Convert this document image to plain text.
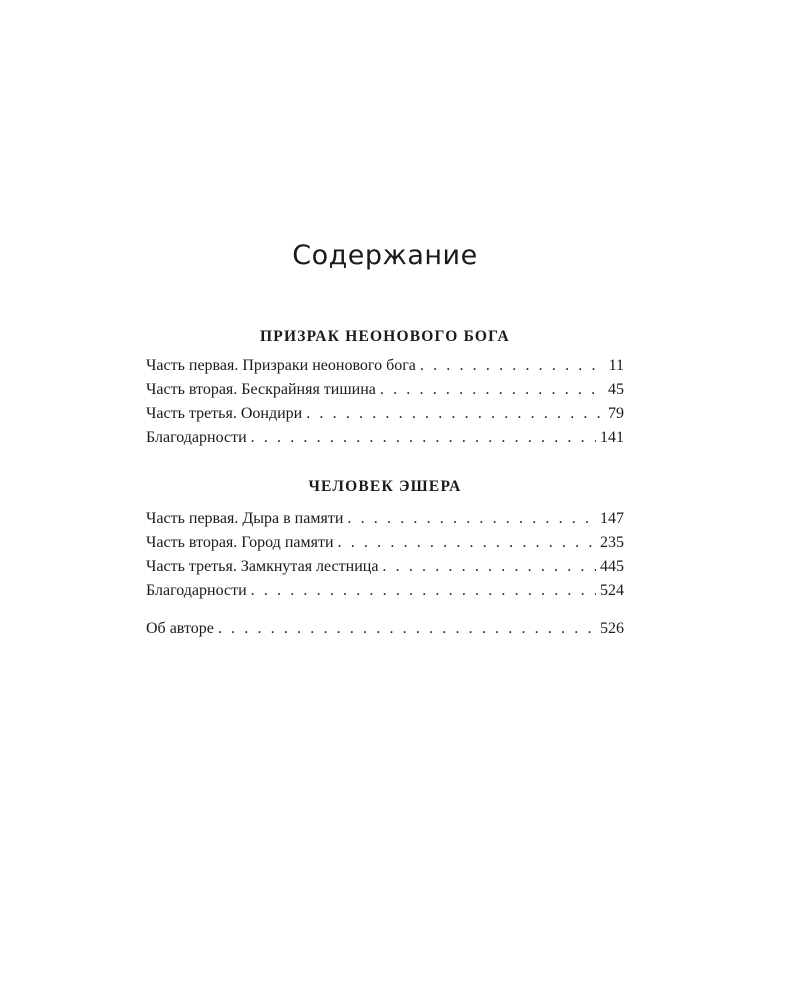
Содержание
ПРИЗРАК НЕОНОВОГО БОГА
Часть первая. Призраки неонового бога . . .	11
Часть вторая. Бескрайняя тишина . . .	45
Часть третья. Оондири . . .	79
Благодарности . . .	141
ЧЕЛОВЕК ЭШЕРА
Часть первая. Дыра в памяти . . .	147
Часть вторая. Город памяти . . .	235
Часть третья. Замкнутая лестница . . .	445
Благодарности . . .	524
Об авторе . . .	526
